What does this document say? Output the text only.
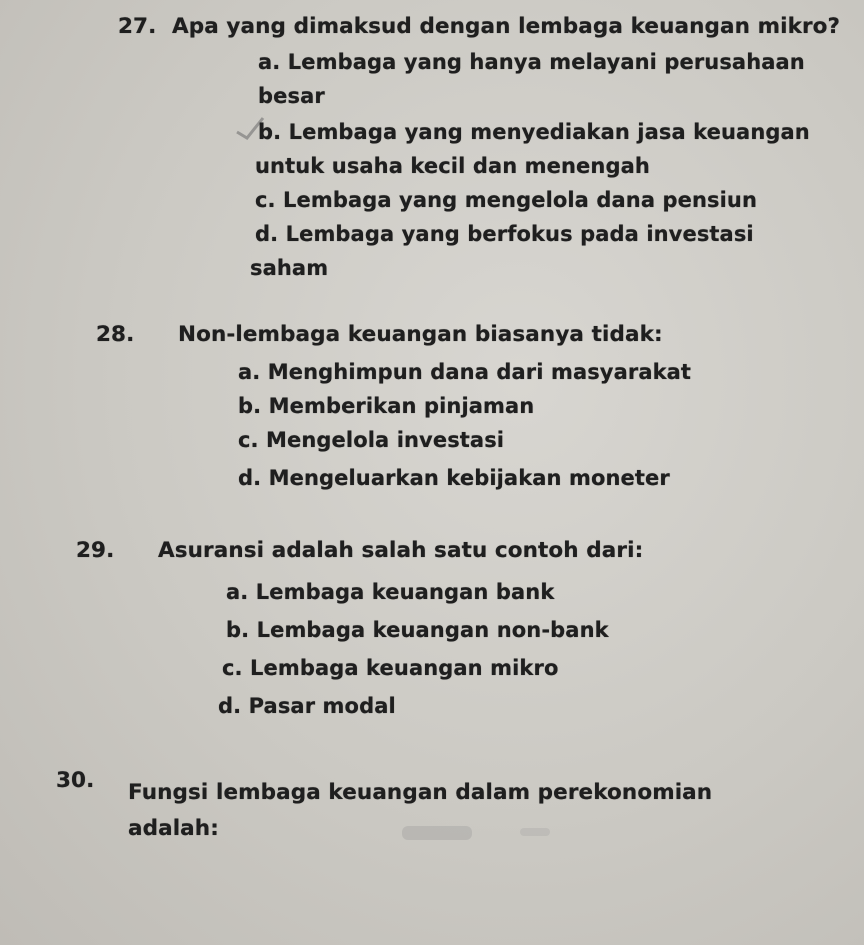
27. Apa yang dimaksud dengan lembaga keuangan mikro?
a. Lembaga yang hanya melayani perusahaan
besar
b. Lembaga yang menyediakan jasa keuangan
untuk usaha kecil dan menengah
c. Lembaga yang mengelola dana pensiun
d. Lembaga yang berfokus pada investasi
saham
28. Non-lembaga keuangan biasanya tidak:
a. Menghimpun dana dari masyarakat
b. Memberikan pinjaman
c. Mengelola investasi
d. Mengeluarkan kebijakan moneter
29. Asuransi adalah salah satu contoh dari:
a. Lembaga keuangan bank
b. Lembaga keuangan non-bank
c. Lembaga keuangan mikro
d. Pasar modal
30. Fungsi lembaga keuangan dalam perekonomian
adalah:
